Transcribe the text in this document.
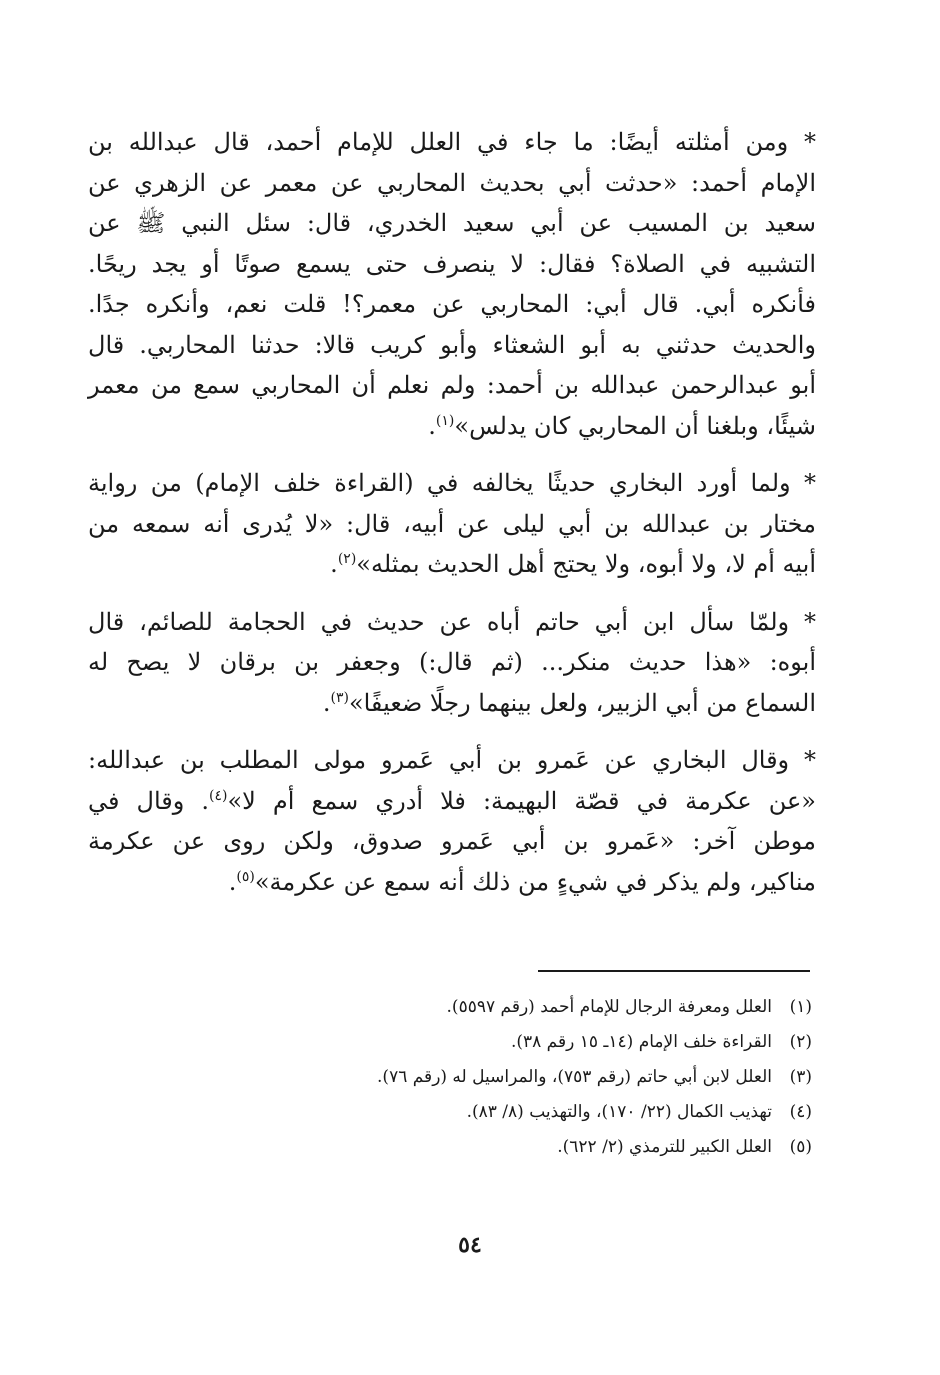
* ومن أمثلته أيضًا: ما جاء في العلل للإمام أحمد، قال عبدالله بن
الإمام أحمد: «حدثت أبي بحديث المحاربي عن معمر عن الزهري عن
سعيد بن المسيب عن أبي سعيد الخدري، قال: سئل النبي ﷺ عن
التشبيه في الصلاة؟ فقال: لا ينصرف حتى يسمع صوتًا أو يجد ريحًا.
فأنكره أبي. قال أبي: المحاربي عن معمر؟! قلت نعم، وأنكره جدًا.
والحديث حدثني به أبو الشعثاء وأبو كريب قالا: حدثنا المحاربي. قال
أبو عبدالرحمن عبدالله بن أحمد: ولم نعلم أن المحاربي سمع من معمر
شيئًا، وبلغنا أن المحاربي كان يدلس»$^{(١)}$.
* ولما أورد البخاري حديثًا يخالفه في (القراءة خلف الإمام) من رواية
مختار بن عبدالله بن أبي ليلى عن أبيه، قال: «لا يُدرى أنه سمعه من
أبيه أم لا، ولا أبوه، ولا يحتج أهل الحديث بمثله»$^{(٢)}$.
* ولمّا سأل ابن أبي حاتم أباه عن حديث في الحجامة للصائم، قال
أبوه: «هذا حديث منكر... (ثم قال:) وجعفر بن برقان لا يصح له
السماع من أبي الزبير، ولعل بينهما رجلًا ضعيفًا»$^{(٣)}$.
* وقال البخاري عن عَمرو بن أبي عَمرو مولى المطلب بن عبدالله:
«عن عكرمة في قصّة البهيمة: فلا أدري سمع أم لا»$^{(٤)}$. وقال في
موطن آخر: «عَمرو بن أبي عَمرو صدوق، ولكن روى عن عكرمة
مناكير، ولم يذكر في شيءٍ من ذلك أنه سمع عن عكرمة»$^{(٥)}$.
(١)العلل ومعرفة الرجال للإمام أحمد (رقم ٥٥٩٧).
(٢)القراءة خلف الإمام (١٤ـ ١٥ رقم ٣٨).
(٣)العلل لابن أبي حاتم (رقم ٧٥٣)، والمراسيل له (رقم ٧٦).
(٤)تهذيب الكمال (٢٢/ ١٧٠)، والتهذيب (٨/ ٨٣).
(٥)العلل الكبير للترمذي (٢/ ٦٢٢).
٥٤
